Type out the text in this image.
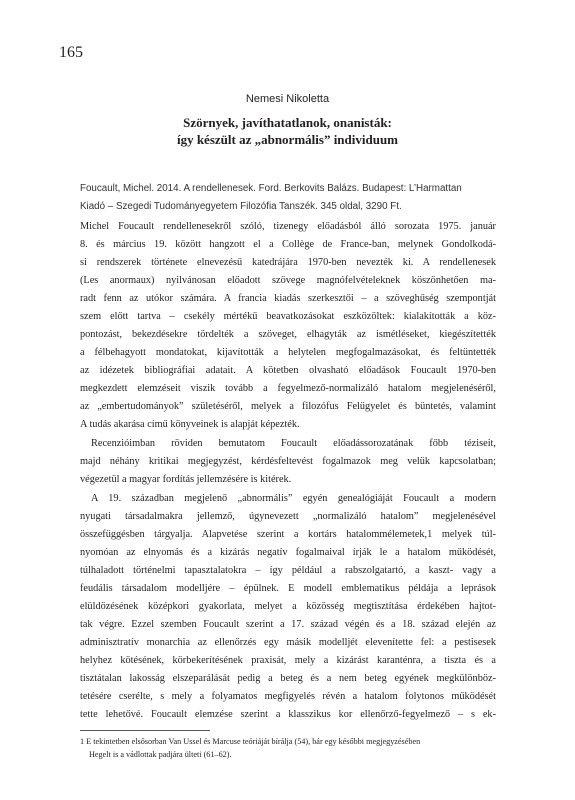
165
Nemesi Nikoletta
Szörnyek, javíthatatlanok, onanisták:
így készült az „abnormális” individuum
Foucault, Michel. 2014. A rendellenesek. Ford. Berkovits Balázs. Budapest: L’Harmattan
Kiadó – Szegedi Tudományegyetem Filozófia Tanszék. 345 oldal, 3290 Ft.
Michel Foucault rendellenesekről szóló, tizenegy előadásból álló sorozata 1975. január
8. és március 19. között hangzott el a Collège de France-ban, melynek Gondolkodá-
si rendszerek története elnevezésű katedrájára 1970-ben nevezték ki. A rendellenesek
(Les anormaux) nyilvánosan előadott szövege magnófelvételeknek köszönhetően ma-
radt fenn az utókor számára. A francia kiadás szerkesztői – a szöveghűség szempontját
szem előtt tartva – csekély mértékű beavatkozásokat eszközöltek: kialakították a köz-
pontozást, bekezdésekre tördelték a szöveget, elhagyták az ismétléseket, kiegészítették
a félbehagyott mondatokat, kijavították a helytelen megfogalmazásokat, és feltüntették
az idézetek bibliográfiai adatait. A kötetben olvasható előadások Foucault 1970-ben
megkezdett elemzéseit viszik tovább a fegyelmező-normalizáló hatalom megjelenéséről,
az „embertudományok” születéséről, melyek a filozófus Felügyelet és büntetés, valamint
A tudás akarása című könyveinek is alapját képezték.
Recenzióimban röviden bemutatom Foucault előadássorozatának főbb téziseit,
majd néhány kritikai megjegyzést, kérdésfeltevést fogalmazok meg velük kapcsolatban;
végezetül a magyar fordítás jellemzésére is kitérek.
A 19. században megjelenő „abnormális” egyén genealógiáját Foucault a modern
nyugati társadalmakra jellemző, úgynevezett „normalizáló hatalom” megjelenésével
összefüggésben tárgyalja. Alapvetése szerint a kortárs hatalommélemetek,1 melyek túl-
nyomóan az elnyomás és a kizárás negatív fogalmaival írják le a hatalom működését,
túlhaladott történelmi tapasztalatokra – így például a rabszolgatartó, a kaszt- vagy a
feudális társadalom modelljére – épülnek. E modell emblematikus példája a leprások
elüldözésének középkori gyakorlata, melyet a közösség megtisztítása érdekében hajtot-
tak végre. Ezzel szemben Foucault szerint a 17. század végén és a 18. század elején az
adminisztratív monarchia az ellenőrzés egy másik modelljét elevenítette fel: a pestisesek
helyhez kötésének, körbekerítésének praxisát, mely a kizárást karanténra, a tiszta és a
tisztátalan lakosság elszeparálását pedig a beteg és a nem beteg egyének megkülönböz-
tetésére cserélte, s mely a folyamatos megfigyelés révén a hatalom folytonos működését
tette lehetővé. Foucault elemzése szerint a klasszikus kor ellenőrző-fegyelmező – s ek-
1 E tekintetben elsősorban Van Ussel és Marcuse teóriáját bírálja (54), bár egy későbbi megjegyzésében
Hegelt is a vádlottak padjára ülteti (61–62).
